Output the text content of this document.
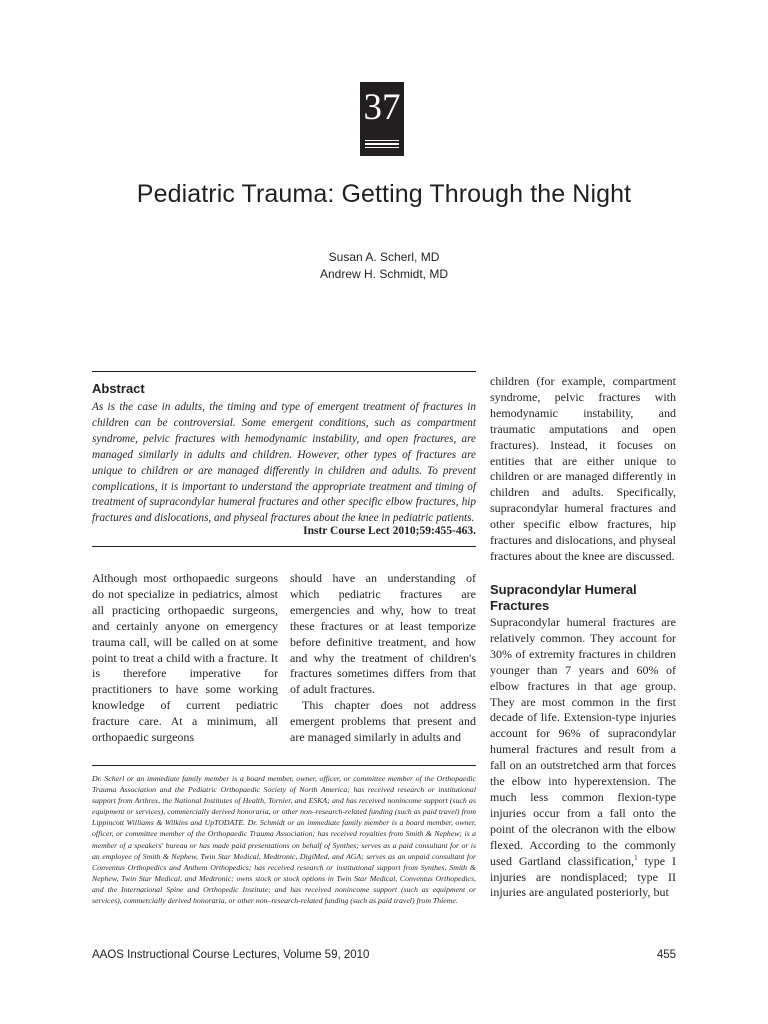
37
Pediatric Trauma: Getting Through the Night
Susan A. Scherl, MD
Andrew H. Schmidt, MD
Abstract
As is the case in adults, the timing and type of emergent treatment of fractures in children can be controversial. Some emergent conditions, such as compartment syndrome, pelvic fractures with hemodynamic instability, and open fractures, are managed similarly in adults and children. However, other types of fractures are unique to children or are managed differently in children and adults. To prevent complications, it is important to understand the appropriate treatment and timing of treatment of supracondylar humeral fractures and other specific elbow fractures, hip fractures and dislocations, and physeal fractures about the knee in pediatric patients.
Instr Course Lect 2010;59:455-463.

Although most orthopaedic surgeons do not specialize in pediatrics, almost all practicing orthopaedic surgeons, and certainly anyone on emergency trauma call, will be called on at some point to treat a child with a fracture. It is therefore imperative for practitioners to have some working knowledge of current pediatric fracture care. At a minimum, all orthopaedic surgeons

should have an understanding of which pediatric fractures are emergencies and why, how to treat these fractures or at least temporize before definitive treatment, and how and why the treatment of children's fractures sometimes differs from that of adult fractures.

This chapter does not address emergent problems that present and are managed similarly in adults and

children (for example, compartment syndrome, pelvic fractures with hemodynamic instability, and traumatic amputations and open fractures). Instead, it focuses on entities that are either unique to children or are managed differently in children and adults. Specifically, supracondylar humeral fractures and other specific elbow fractures, hip fractures and dislocations, and physeal fractures about the knee are discussed.

Supracondylar Humeral Fractures

Supracondylar humeral fractures are relatively common. They account for 30% of extremity fractures in children younger than 7 years and 60% of elbow fractures in that age group. They are most common in the first decade of life. Extension-type injuries account for 96% of supracondylar humeral fractures and result from a fall on an outstretched arm that forces the elbow into hyperextension. The much less common flexion-type injuries occur from a fall onto the point of the olecranon with the elbow flexed. According to the commonly used Gartland classification,$^1$ type I injuries are nondisplaced; type II injuries are angulated posteriorly, but

Dr. Scherl or an immediate family member is a board member, owner, officer, or committee member of the Orthopaedic Trauma Association and the Pediatric Orthopaedic Society of North America; has received research or institutional support from Arthrex, the National Institutes of Health, Tornier, and ESKA; and has received nonincome support (such as equipment or services), commercially derived honoraria, or other non–research-related funding (such as paid travel) from Lippincott Williams & Wilkins and UpTODATE. Dr. Schmidt or an immediate family member is a board member, owner, officer, or committee member of the Orthopaedic Trauma Association; has received royalties from Smith & Nephew; is a member of a speakers' bureau or has made paid presentations on behalf of Synthes; serves as a paid consultant for or is an employee of Smith & Nephew, Twin Star Medical, Medtronic, DigiMed, and AGA; serves as an unpaid consultant for Conventus Orthopedics and Anthem Orthopedics; has received research or institutional support from Synthes, Smith & Nephew, Twin Star Medical, and Medtronic; owns stock or stock options in Twin Star Medical, Conventus Orthopedics, and the International Spine and Orthopedic Institute; and has received nonincome support (such as equipment or services), commercially derived honoraria, or other non–research-related funding (such as paid travel) from Thieme.
AAOS Instructional Course Lectures, Volume 59, 2010	455
